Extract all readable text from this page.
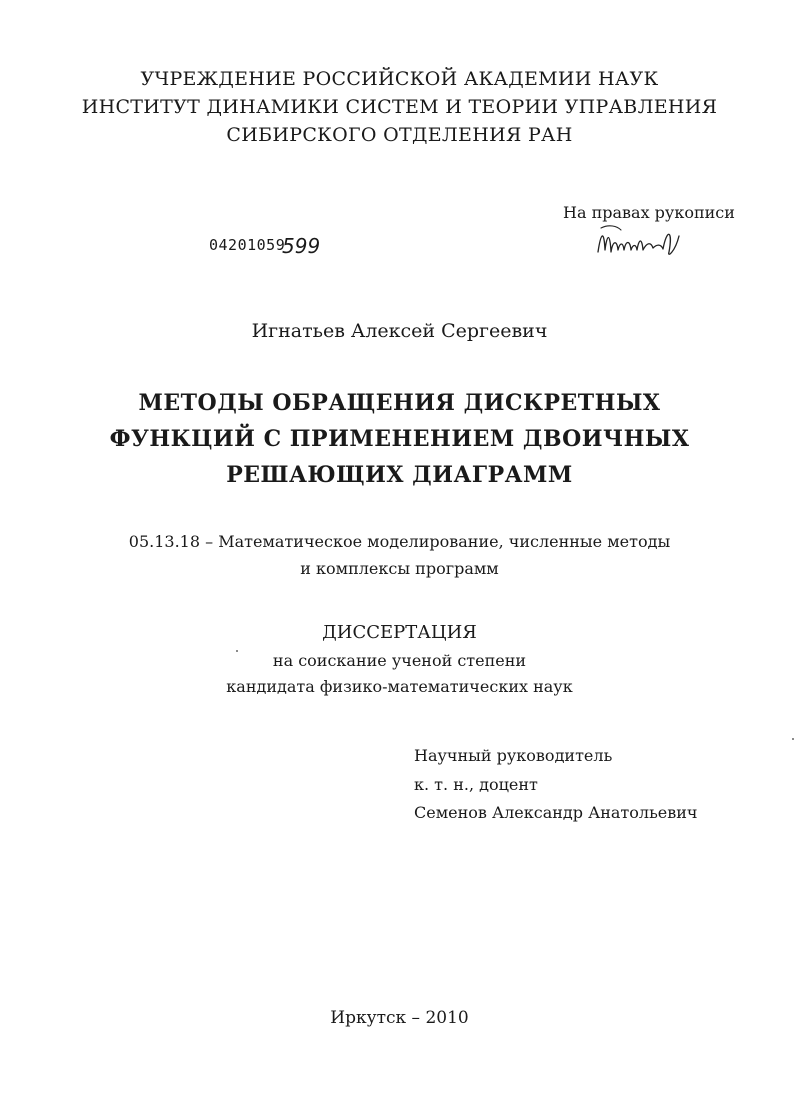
УЧРЕЖДЕНИЕ РОССИЙСКОЙ АКАДЕМИИ НАУК
ИНСТИТУТ ДИНАМИКИ СИСТЕМ И ТЕОРИИ УПРАВЛЕНИЯ
СИБИРСКОГО ОТДЕЛЕНИЯ РАН
На правах рукописи
04201059
599
Игнатьев Алексей Сергеевич
МЕТОДЫ ОБРАЩЕНИЯ ДИСКРЕТНЫХ
ФУНКЦИЙ С ПРИМЕНЕНИЕМ ДВОИЧНЫХ
РЕШАЮЩИХ ДИАГРАММ
05.13.18 – Математическое моделирование, численные методы
и комплексы программ
ДИССЕРТАЦИЯ
на соискание ученой степени
кандидата физико-математических наук
Научный руководитель
к. т. н., доцент
Семенов Александр Анатольевич
Иркутск – 2010
